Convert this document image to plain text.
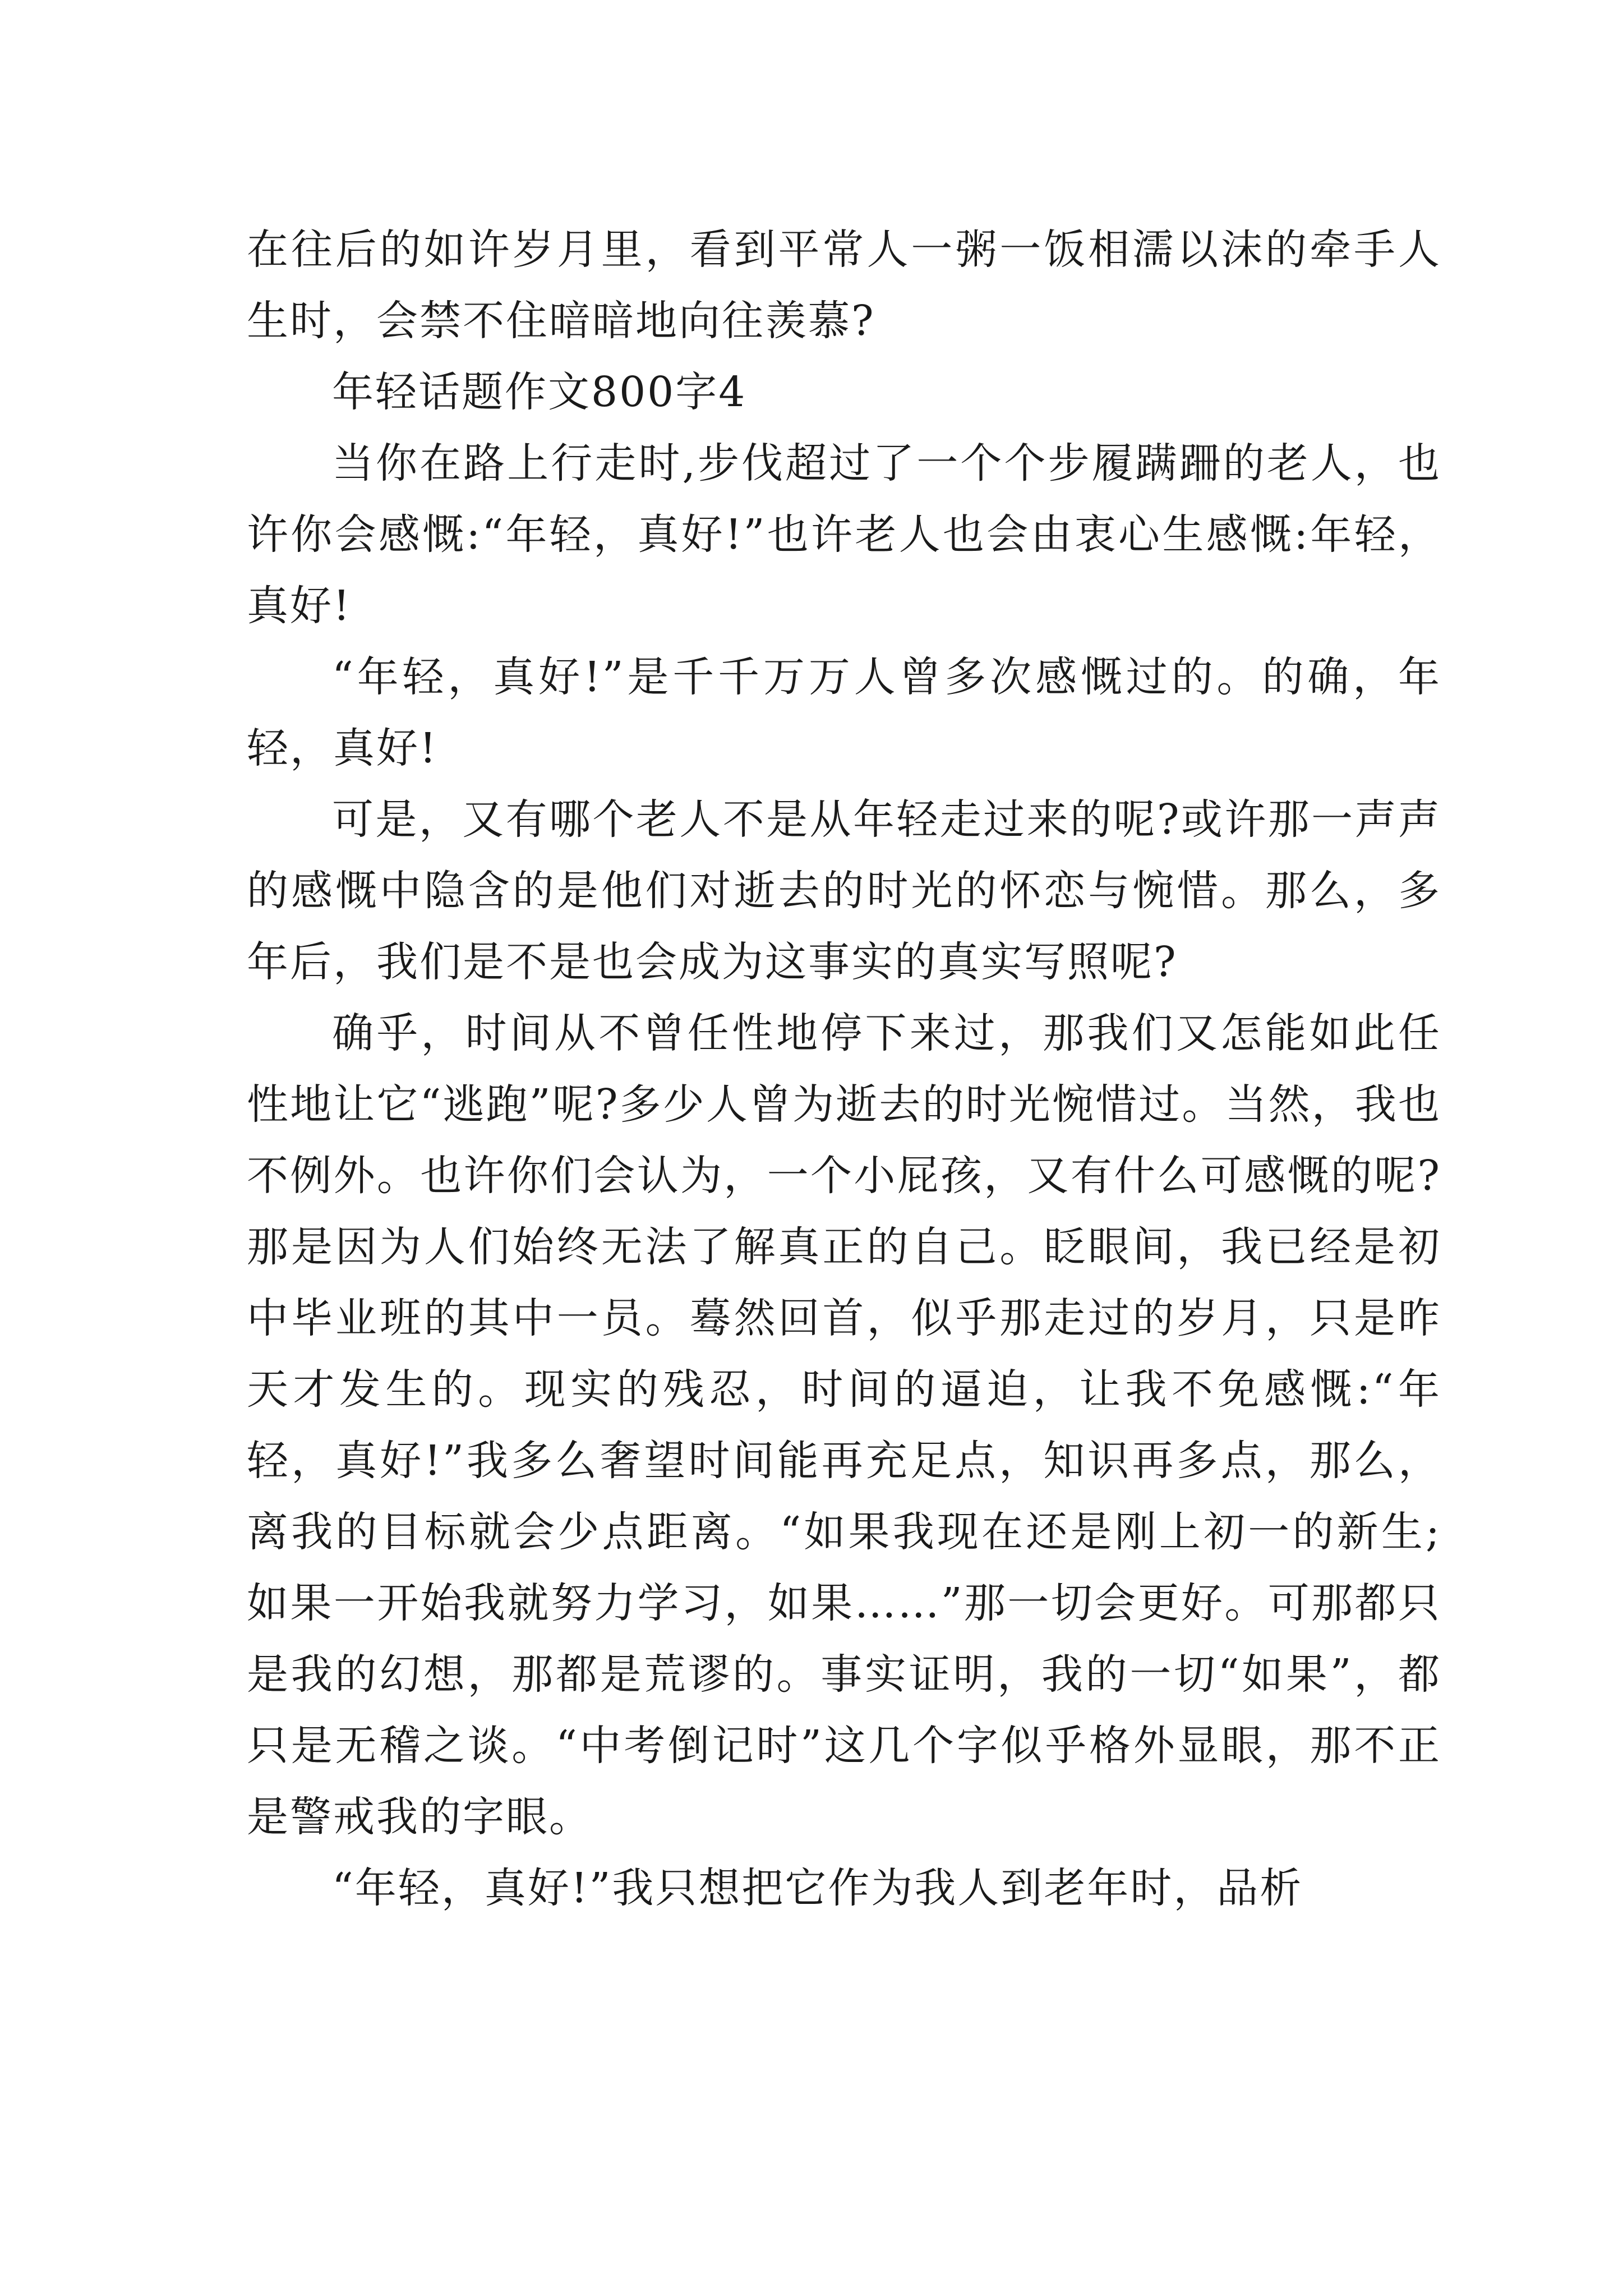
在往后的如许岁月里，看到平常人一粥一饭相濡以沫的牵手人生时，会禁不住暗暗地向往羡慕?

年轻话题作文800字4

当你在路上行走时,步伐超过了一个个步履蹒跚的老人，也许你会感慨:“年轻，真好!”也许老人也会由衷心生感慨:年轻，真好!

“年轻，真好!”是千千万万人曾多次感慨过的。的确，年轻，真好!

可是，又有哪个老人不是从年轻走过来的呢?或许那一声声的感慨中隐含的是他们对逝去的时光的怀恋与惋惜。那么，多年后，我们是不是也会成为这事实的真实写照呢?

确乎，时间从不曾任性地停下来过，那我们又怎能如此任性地让它“逃跑”呢?多少人曾为逝去的时光惋惜过。当然，我也不例外。也许你们会认为，一个小屁孩，又有什么可感慨的呢?那是因为人们始终无法了解真正的自己。眨眼间，我已经是初中毕业班的其中一员。蓦然回首，似乎那走过的岁月，只是昨天才发生的。现实的残忍，时间的逼迫，让我不免感慨:“年轻，真好!”我多么奢望时间能再充足点，知识再多点，那么，离我的目标就会少点距离。“如果我现在还是刚上初一的新生;如果一开始我就努力学习，如果……”那一切会更好。可那都只是我的幻想，那都是荒谬的。事实证明，我的一切“如果”，都只是无稽之谈。“中考倒记时”这几个字似乎格外显眼，那不正是警戒我的字眼。

“年轻，真好!”我只想把它作为我人到老年时，品析
